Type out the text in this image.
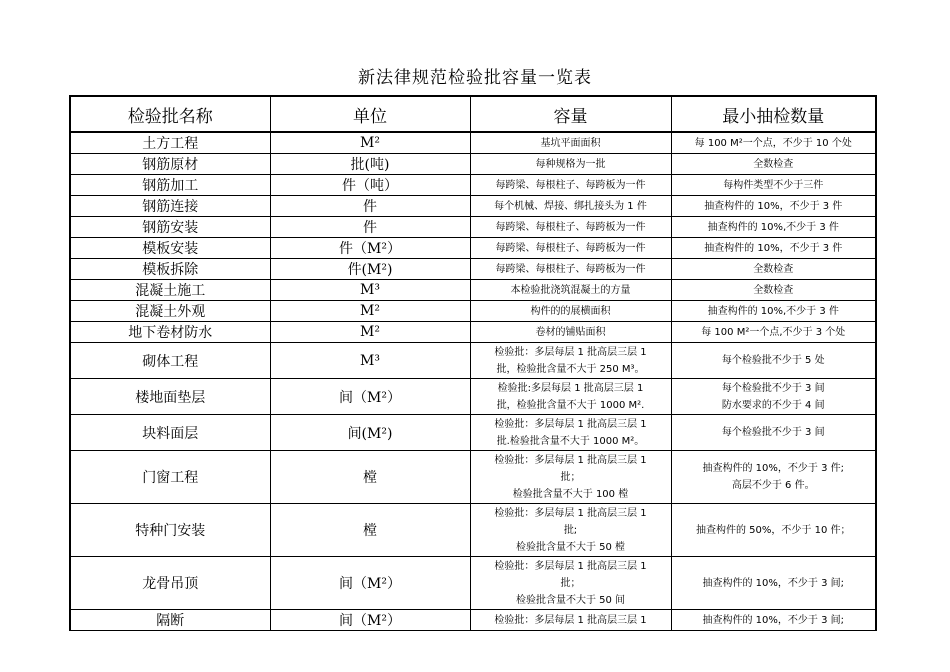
新法律规范检验批容量一览表
检验批名称	单位	容量	最小抽检数量
土方工程	M²	基坑平面面积	每 100 M²一个点，不少于 10 个处

钢筋原材	批(吨)	每种规格为一批	全数检查

钢筋加工	件（吨）	每跨梁、每根柱子、每跨板为一件	每构件类型不少于三件

钢筋连接	件	每个机械、焊接、绑扎接头为 1 件	抽查构件的 10%，不少于 3 件

钢筋安装	件	每跨梁、每根柱子、每跨板为一件	抽查构件的 10%,不少于 3 件

模板安装	件（M²）	每跨梁、每根柱子、每跨板为一件	抽查构件的 10%，不少于 3 件

模板拆除	件(M²)	每跨梁、每根柱子、每跨板为一件	全数检查

混凝土施工	M³	本检验批浇筑混凝土的方量	全数检查

混凝土外观	M²	构件的的展横面积	抽查构件的 10%,不少于 3 件

地下卷材防水	M²	卷材的铺贴面积	每 100 M²一个点,不少于 3 个处

砌体工程	M³	检验批：多层每层 1 批高层三层 1
批，检验批含量不大于 250 M³。	每个检验批不少于 5 处

楼地面垫层	间（M²）	检验批:多层每层 1 批高层三层 1
批，检验批含量不大于 1000 M².	每个检验批不少于 3 间
防水要求的不少于 4 间

块料面层	间(M²)	检验批：多层每层 1 批高层三层 1
批.检验批含量不大于 1000 M²。	每个检验批不少于 3 间

门窗工程	樘	检验批：多层每层 1 批高层三层 1
批；
检验批含量不大于 100 樘	抽查构件的 10%，不少于 3 件;
高层不少于 6 件。

特种门安装	樘	检验批：多层每层 1 批高层三层 1
批;
检验批含量不大于 50 樘	抽查构件的 50%，不少于 10 件；

龙骨吊顶	间（M²）	检验批：多层每层 1 批高层三层 1
批；
检验批含量不大于 50 间	抽查构件的 10%，不少于 3 间;

隔断	间（M²）	检验批：多层每层 1 批高层三层 1	抽查构件的 10%，不少于 3 间;
